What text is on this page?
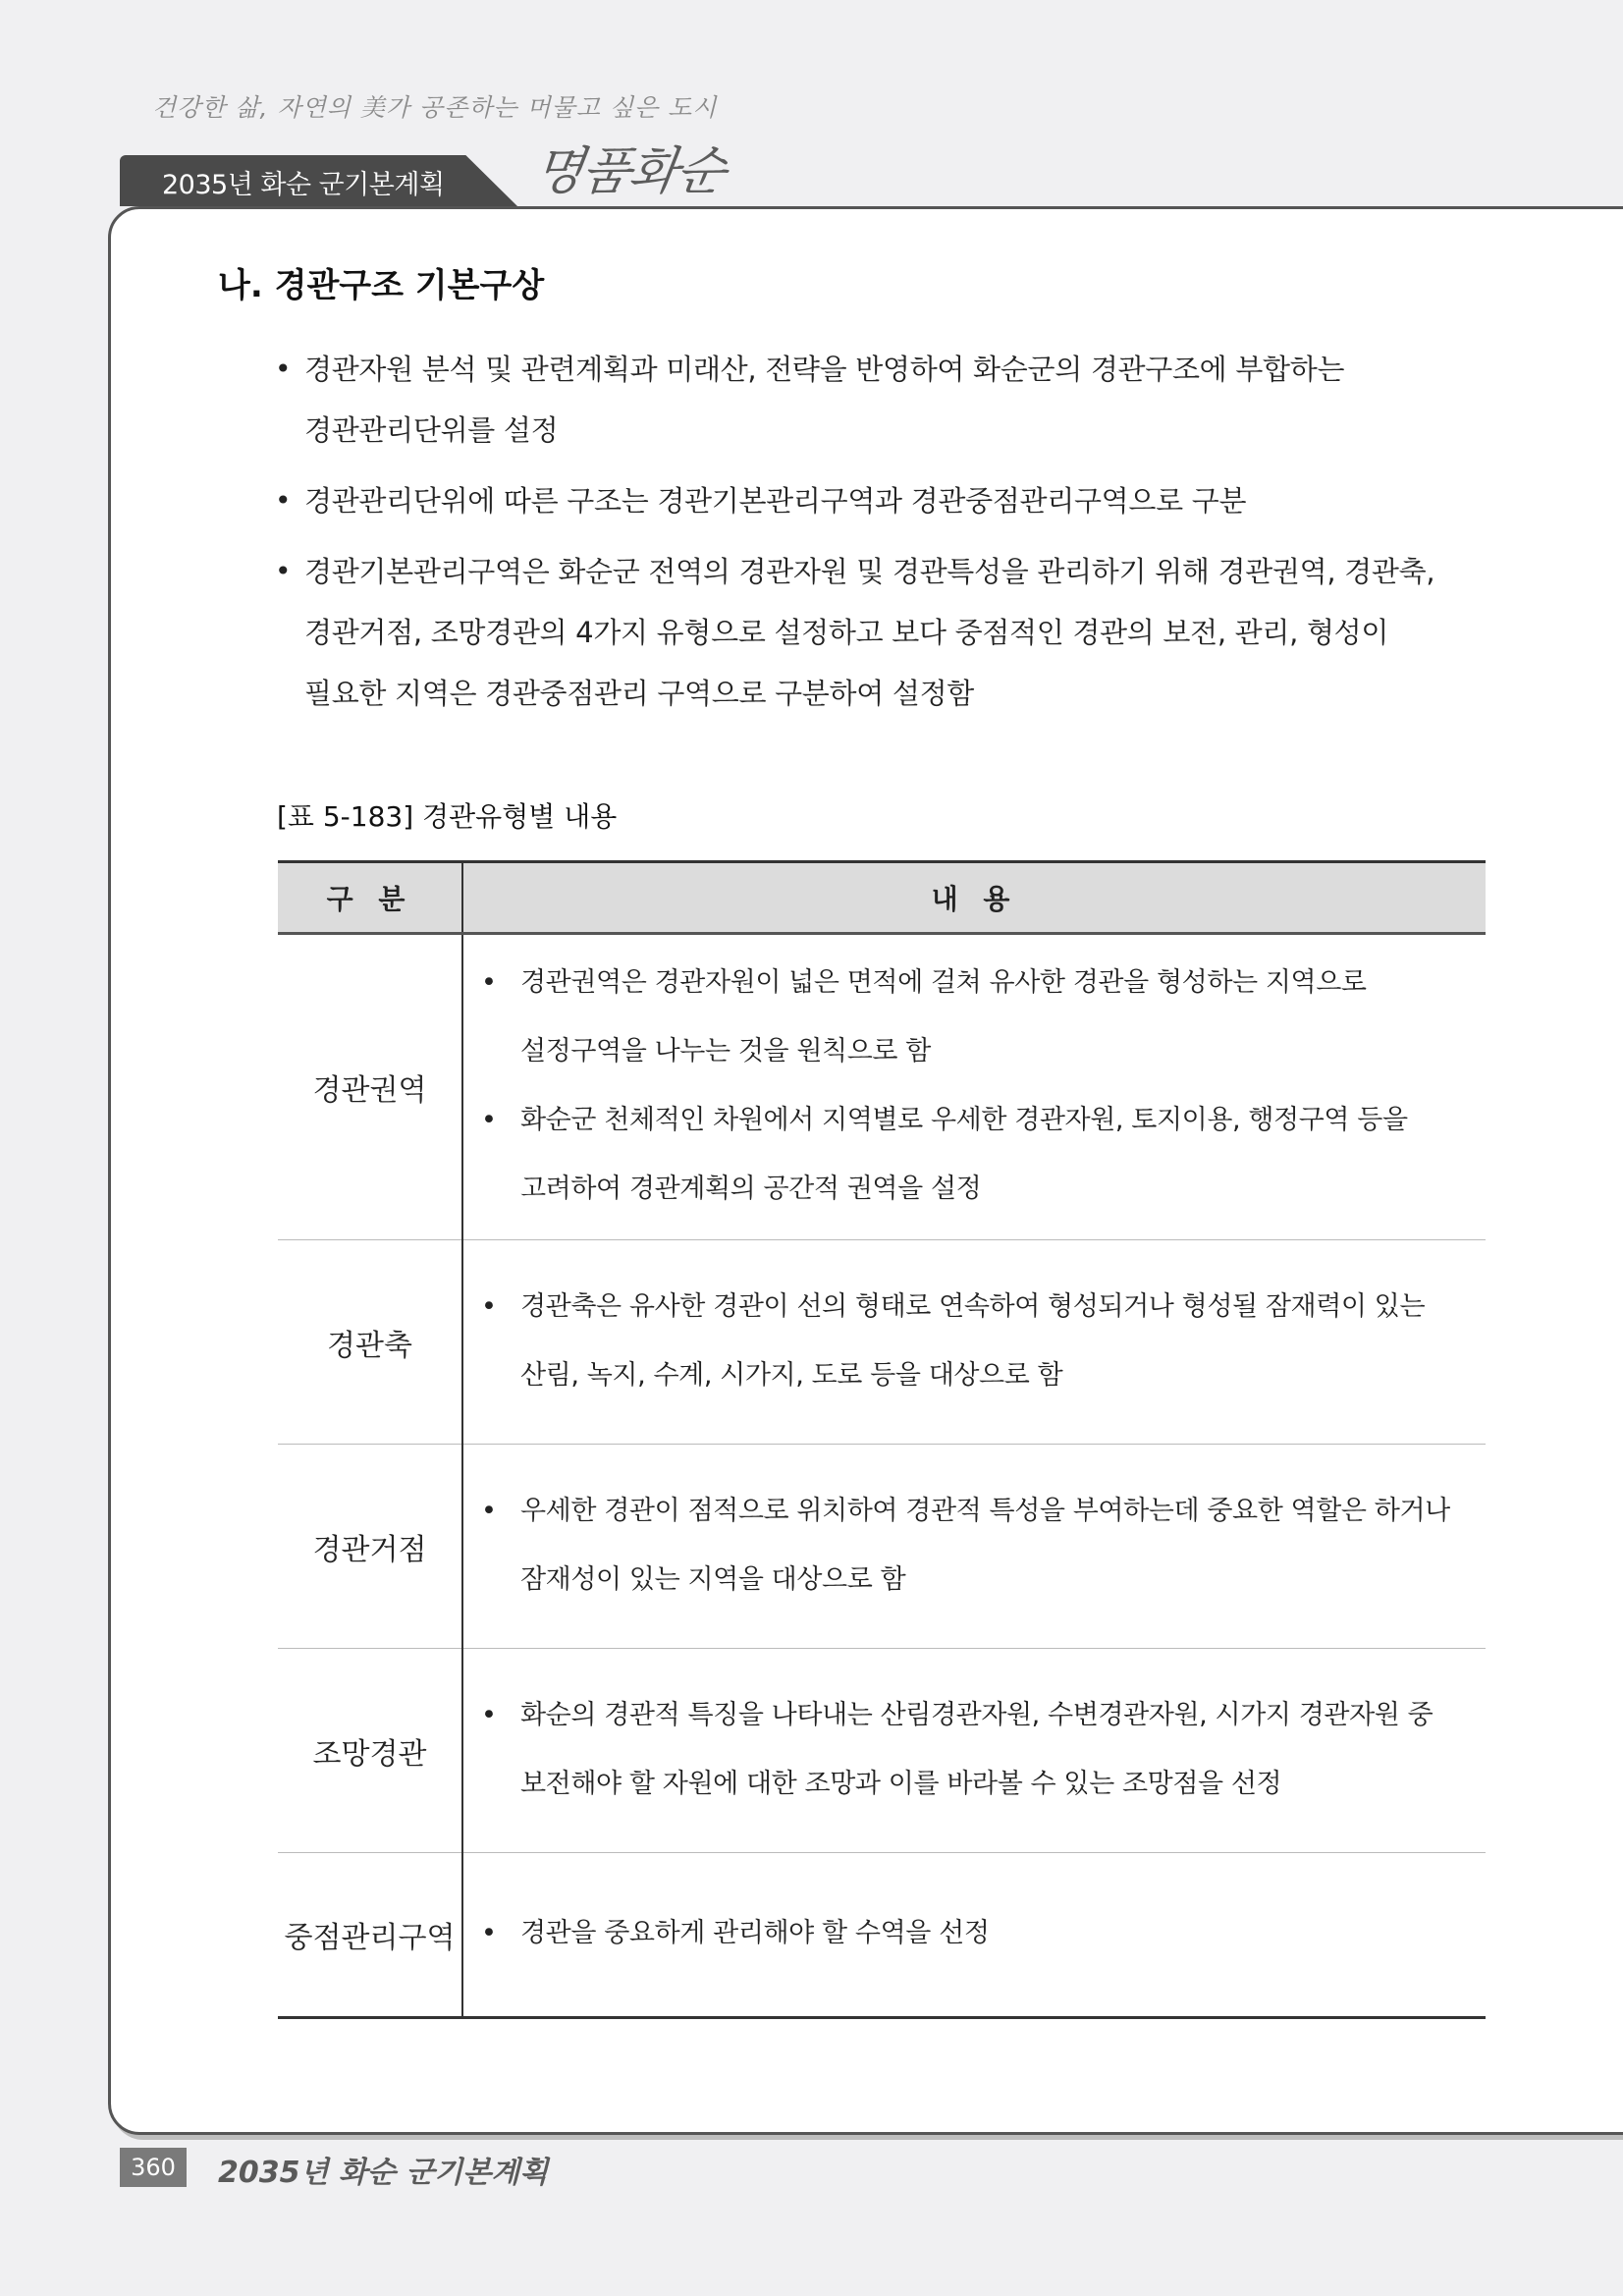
건강한 삶, 자연의 美가 공존하는 머물고 싶은 도시
2035년 화순 군기본계획 명품화순
나. 경관구조 기본구상
• 경관자원 분석 및 관련계획과 미래산, 전략을 반영하여 화순군의 경관구조에 부합하는 경관관리단위를 설정
• 경관관리단위에 따른 구조는 경관기본관리구역과 경관중점관리구역으로 구분
• 경관기본관리구역은 화순군 전역의 경관자원 및 경관특성을 관리하기 위해 경관권역, 경관축, 경관거점, 조망경관의 4가지 유형으로 설정하고 보다 중점적인 경관의 보전, 관리, 형성이 필요한 지역은 경관중점관리 구역으로 구분하여 설정함
[표 5-183] 경관유형별 내용
구 분	내 용
경관권역	• 경관권역은 경관자원이 넓은 면적에 걸쳐 유사한 경관을 형성하는 지역으로 설정구역을 나누는 것을 원칙으로 함
• 화순군 천체적인 차원에서 지역별로 우세한 경관자원, 토지이용, 행정구역 등을 고려하여 경관계획의 공간적 권역을 설정

경관축	• 경관축은 유사한 경관이 선의 형태로 연속하여 형성되거나 형성될 잠재력이 있는 산림, 녹지, 수계, 시가지, 도로 등을 대상으로 함

경관거점	• 우세한 경관이 점적으로 위치하여 경관적 특성을 부여하는데 중요한 역할은 하거나 잠재성이 있는 지역을 대상으로 함

조망경관	• 화순의 경관적 특징을 나타내는 산림경관자원, 수변경관자원, 시가지 경관자원 중 보전해야 할 자원에 대한 조망과 이를 바라볼 수 있는 조망점을 선정

중점관리구역	• 경관을 중요하게 관리해야 할 수역을 선정
360	2035년 화순 군기본계획
